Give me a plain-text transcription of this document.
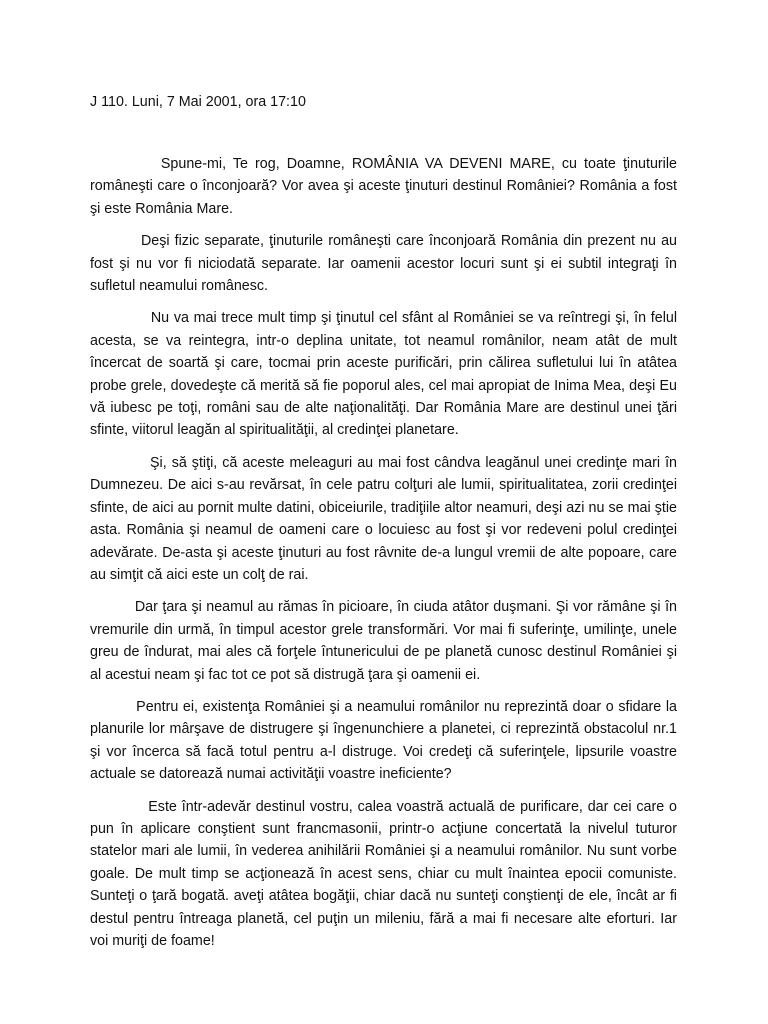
J 110. Luni, 7 Mai 2001, ora 17:10

Spune-mi, Te rog, Doamne, ROMÂNIA VA DEVENI MARE, cu toate ţinuturile româneşti care o înconjoară? Vor avea şi aceste ţinuturi destinul României? România a fost şi este România Mare.

Deşi fizic separate, ţinuturile româneşti care înconjoară România din prezent nu au fost şi nu vor fi niciodată separate. Iar oamenii acestor locuri sunt şi ei subtil integraţi în sufletul neamului românesc.

Nu va mai trece mult timp şi ţinutul cel sfânt al României se va reîntregi şi, în felul acesta, se va reintegra, intr-o deplina unitate, tot neamul românilor, neam atât de mult încercat de soartă şi care, tocmai prin aceste purificări, prin călirea sufletului lui în atâtea probe grele, dovedeşte că merită să fie poporul ales, cel mai apropiat de Inima Mea, deşi Eu vă iubesc pe toţi, români sau de alte naţionalităţi. Dar România Mare are destinul unei ţări sfinte, viitorul leagăn al spiritualităţii, al credinţei planetare.

Şi, să ştiţi, că aceste meleaguri au mai fost cândva leagănul unei credinţe mari în  Dumnezeu. De aici s-au revărsat, în cele patru colţuri ale lumii, spiritualitatea, zorii credinţei sfinte, de aici au pornit multe datini, obiceiurile, tradiţiile altor neamuri, deşi azi nu se mai ştie asta. România şi neamul de oameni care o locuiesc au fost şi vor redeveni polul credinţei adevărate. De-asta şi aceste ţinuturi au fost râvnite de-a lungul vremii de alte popoare, care au simţit că aici este un colţ de rai.

Dar ţara şi neamul au rămas în picioare, în ciuda atâtor duşmani. Şi vor rămâne şi în vremurile din urmă, în timpul acestor grele transformări. Vor mai fi suferinţe, umilinţe, unele greu de îndurat, mai ales că forţele întunericului de pe planetă cunosc destinul României şi al acestui neam şi fac tot ce pot să distrugă ţara şi oamenii ei.

Pentru ei, existenţa României şi a neamului românilor nu reprezintă doar o sfidare la planurile lor mârşave de distrugere şi îngenunchiere a planetei, ci reprezintă obstacolul nr.1 şi vor încerca să facă totul pentru a-l distruge. Voi credeţi că suferinţele, lipsurile voastre actuale se datorează numai activităţii voastre ineficiente?

Este într-adevăr destinul vostru, calea voastră actuală de purificare, dar cei care o pun în aplicare conştient sunt francmasonii, printr-o acţiune concertată la nivelul tuturor statelor mari ale lumii, în vederea anihilării României şi a neamului românilor. Nu sunt vorbe goale. De mult timp se acţionează în acest sens, chiar cu mult înaintea epocii comuniste. Sunteţi o ţară bogată. aveţi atâtea bogăţii, chiar dacă nu sunteţi conştienţi de ele, încât ar fi destul pentru întreaga planetă, cel puţin un mileniu, fără a mai fi necesare alte eforturi. Iar voi muriţi de foame!
